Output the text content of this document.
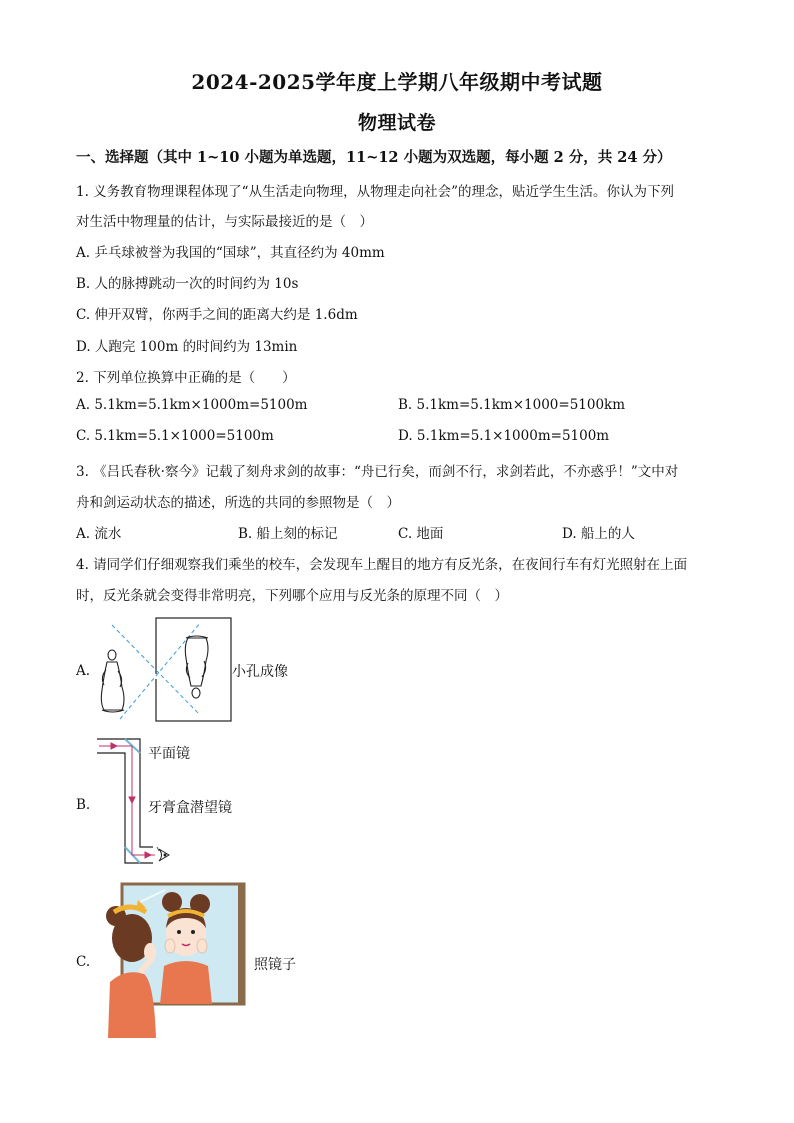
2024-2025学年度上学期八年级期中考试题
物理试卷
一、选择题（其中 1~10 小题为单选题，11~12 小题为双选题，每小题 2 分，共 24 分）
1. 义务教育物理课程体现了“从生活走向物理，从物理走向社会”的理念，贴近学生生活。你认为下列
对生活中物理量的估计，与实际最接近的是（　）
A. 乒乓球被誉为我国的“国球”，其直径约为 40mm
B. 人的脉搏跳动一次的时间约为 10s
C. 伸开双臂，你两手之间的距离大约是 1.6dm
D. 人跑完 100m 的时间约为 13min
2. 下列单位换算中正确的是（　　）
A. 5.1km=5.1km×1000m=5100m	B. 5.1km=5.1km×1000=5100km
C. 5.1km=5.1×1000=5100m	D. 5.1km=5.1×1000m=5100m
3. 《吕氏春秋·察今》记载了刻舟求剑的故事：“舟已行矣，而剑不行，求剑若此，不亦惑乎！”文中对
舟和剑运动状态的描述，所选的共同的参照物是（　）
A. 流水	B. 船上刻的标记	C. 地面	D. 船上的人
4. 请同学们仔细观察我们乘坐的校车，会发现车上醒目的地方有反光条，在夜间行车有灯光照射在上面
时，反光条就会变得非常明亮，下列哪个应用与反光条的原理不同（　）
A.	小孔成像
B.
平面镜
牙膏盒潜望镜
C.	照镜子
